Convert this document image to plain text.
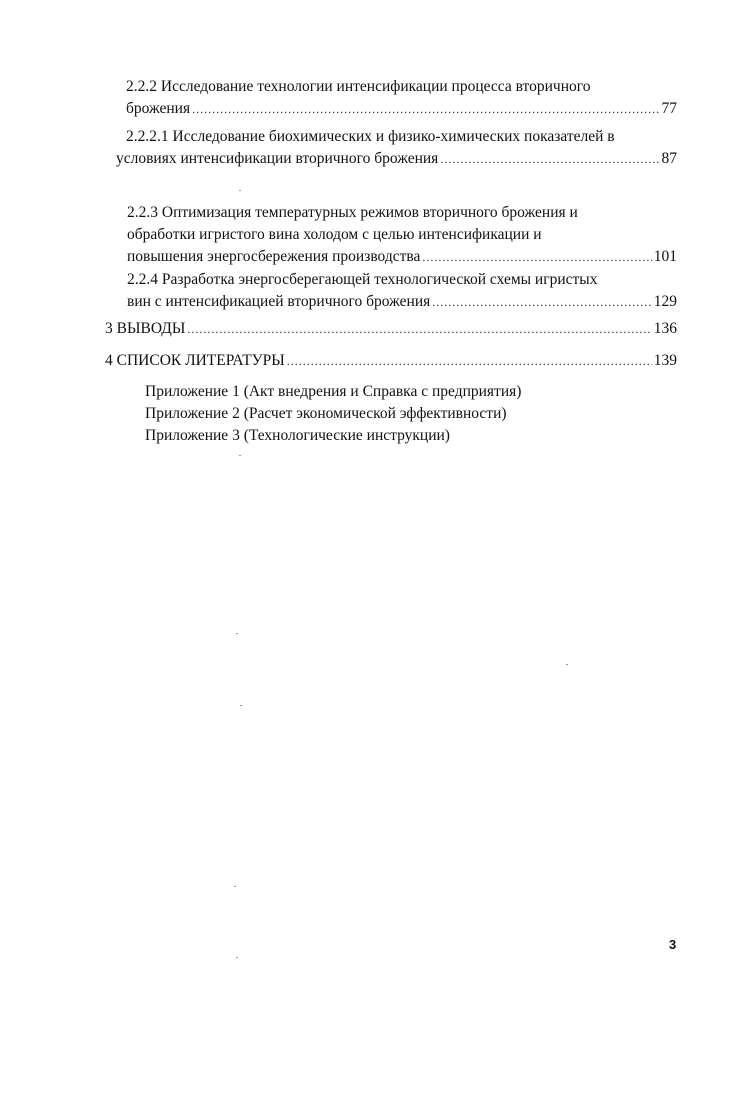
2.2.2 Исследование технологии интенсификации процесса вторичного
брожения .....	77
2.2.2.1 Исследование биохимических и физико-химических показателей в
условиях интенсификации вторичного брожения .....	87
2.2.3 Оптимизация температурных режимов вторичного брожения и
обработки игристого вина холодом с целью интенсификации и
повышения энергосбережения производства .....	101
2.2.4 Разработка энергосберегающей технологической схемы игристых
вин с интенсификацией вторичного брожения .....	129
3 ВЫВОДЫ .....	136
4 СПИСОК ЛИТЕРАТУРЫ .....	139
Приложение 1 (Акт внедрения и Справка с предприятия)
Приложение 2 (Расчет экономической эффективности)
Приложение 3 (Технологические инструкции)
3
